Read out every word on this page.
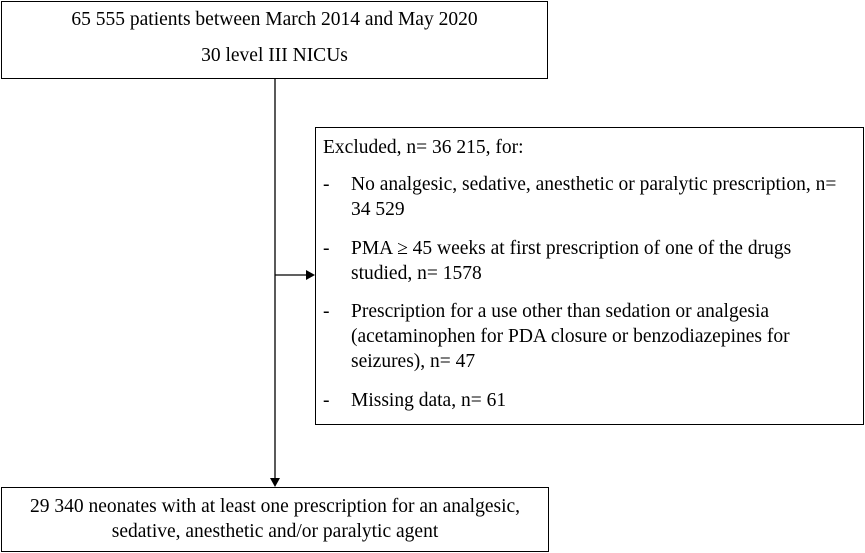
65 555 patients between March 2014 and May 2020

30 level III NICUs

Excluded, n= 36 215, for:

- No analgesic, sedative, anesthetic or paralytic prescription, n= 34 529
- PMA ≥ 45 weeks at first prescription of one of the drugs studied, n= 1578
- Prescription for a use other than sedation or analgesia (acetaminophen for PDA closure or benzodiazepines for seizures), n= 47
- Missing data, n= 61

29 340 neonates with at least one prescription for an analgesic, sedative, anesthetic and/or paralytic agent
